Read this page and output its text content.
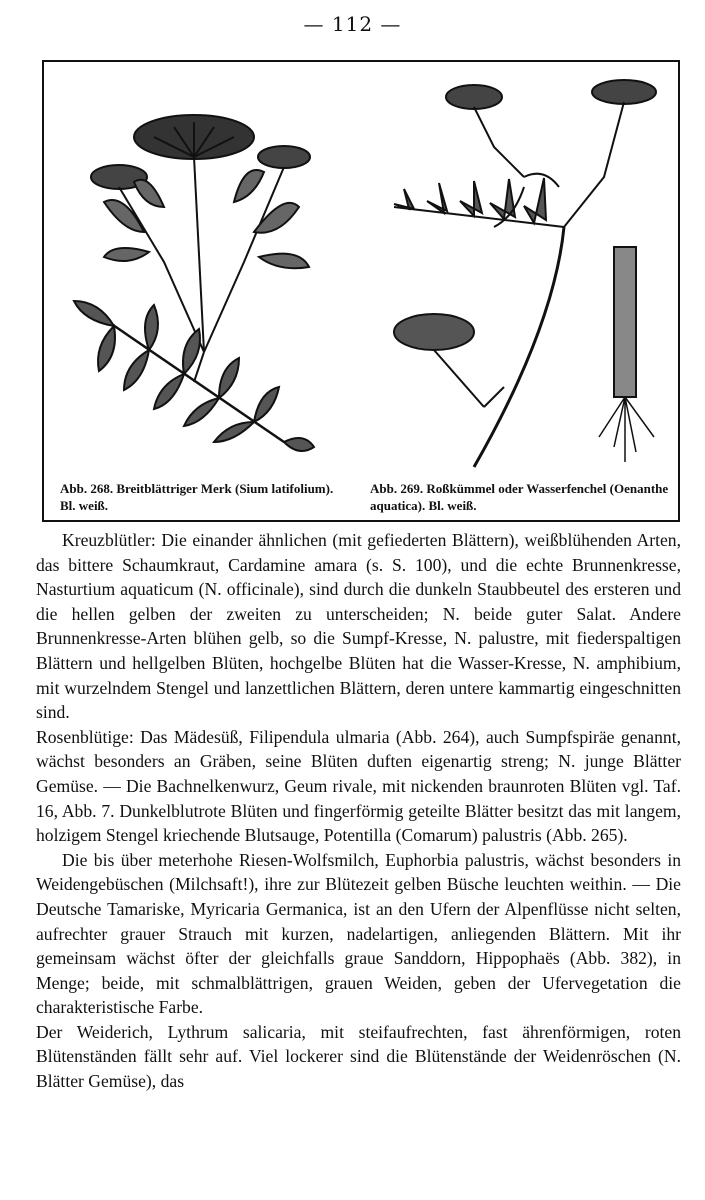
— 112 —
Abb. 268. Breitblättriger Merk (Sium latifolium). Bl. weiß.
Abb. 269. Roßkümmel oder Wasserfenchel (Oenanthe aquatica). Bl. weiß.

Kreuzblütler: Die einander ähnlichen (mit gefiederten Blättern), weißblühenden Arten, das bittere Schaumkraut, Cardamine amara (s. S. 100), und die echte Brunnenkresse, Nasturtium aquaticum (N. officinale), sind durch die dunkeln Staubbeutel des ersteren und die hellen gelben der zweiten zu unterscheiden; N. beide guter Salat. Andere Brunnenkresse-Arten blühen gelb, so die Sumpf-Kresse, N. palustre, mit fiederspaltigen Blättern und hellgelben Blüten, hochgelbe Blüten hat die Wasser-Kresse, N. amphibium, mit wurzelndem Stengel und lanzettlichen Blättern, deren untere kammartig eingeschnitten sind.

Rosenblütige: Das Mädesüß, Filipendula ulmaria (Abb. 264), auch Sumpfspiräe genannt, wächst besonders an Gräben, seine Blüten duften eigenartig streng; N. junge Blätter Gemüse. — Die Bachnelkenwurz, Geum rivale, mit nickenden braunroten Blüten vgl. Taf. 16, Abb. 7. Dunkelblutrote Blüten und fingerförmig geteilte Blätter besitzt das mit langem, holzigem Stengel kriechende Blutsauge, Potentilla (Comarum) palustris (Abb. 265).

Die bis über meterhohe Riesen-Wolfsmilch, Euphorbia palustris, wächst besonders in Weidengebüschen (Milchsaft!), ihre zur Blütezeit gelben Büsche leuchten weithin. — Die Deutsche Tamariske, Myricaria Germanica, ist an den Ufern der Alpenflüsse nicht selten, aufrechter grauer Strauch mit kurzen, nadelartigen, anliegenden Blättern. Mit ihr gemeinsam wächst öfter der gleichfalls graue Sanddorn, Hippophaës (Abb. 382), in Menge; beide, mit schmalblättrigen, grauen Weiden, geben der Ufervegetation die charakteristische Farbe.

Der Weiderich, Lythrum salicaria, mit steifaufrechten, fast ährenförmigen, roten Blütenständen fällt sehr auf. Viel lockerer sind die Blütenstände der Weidenröschen (N. Blätter Gemüse), das
